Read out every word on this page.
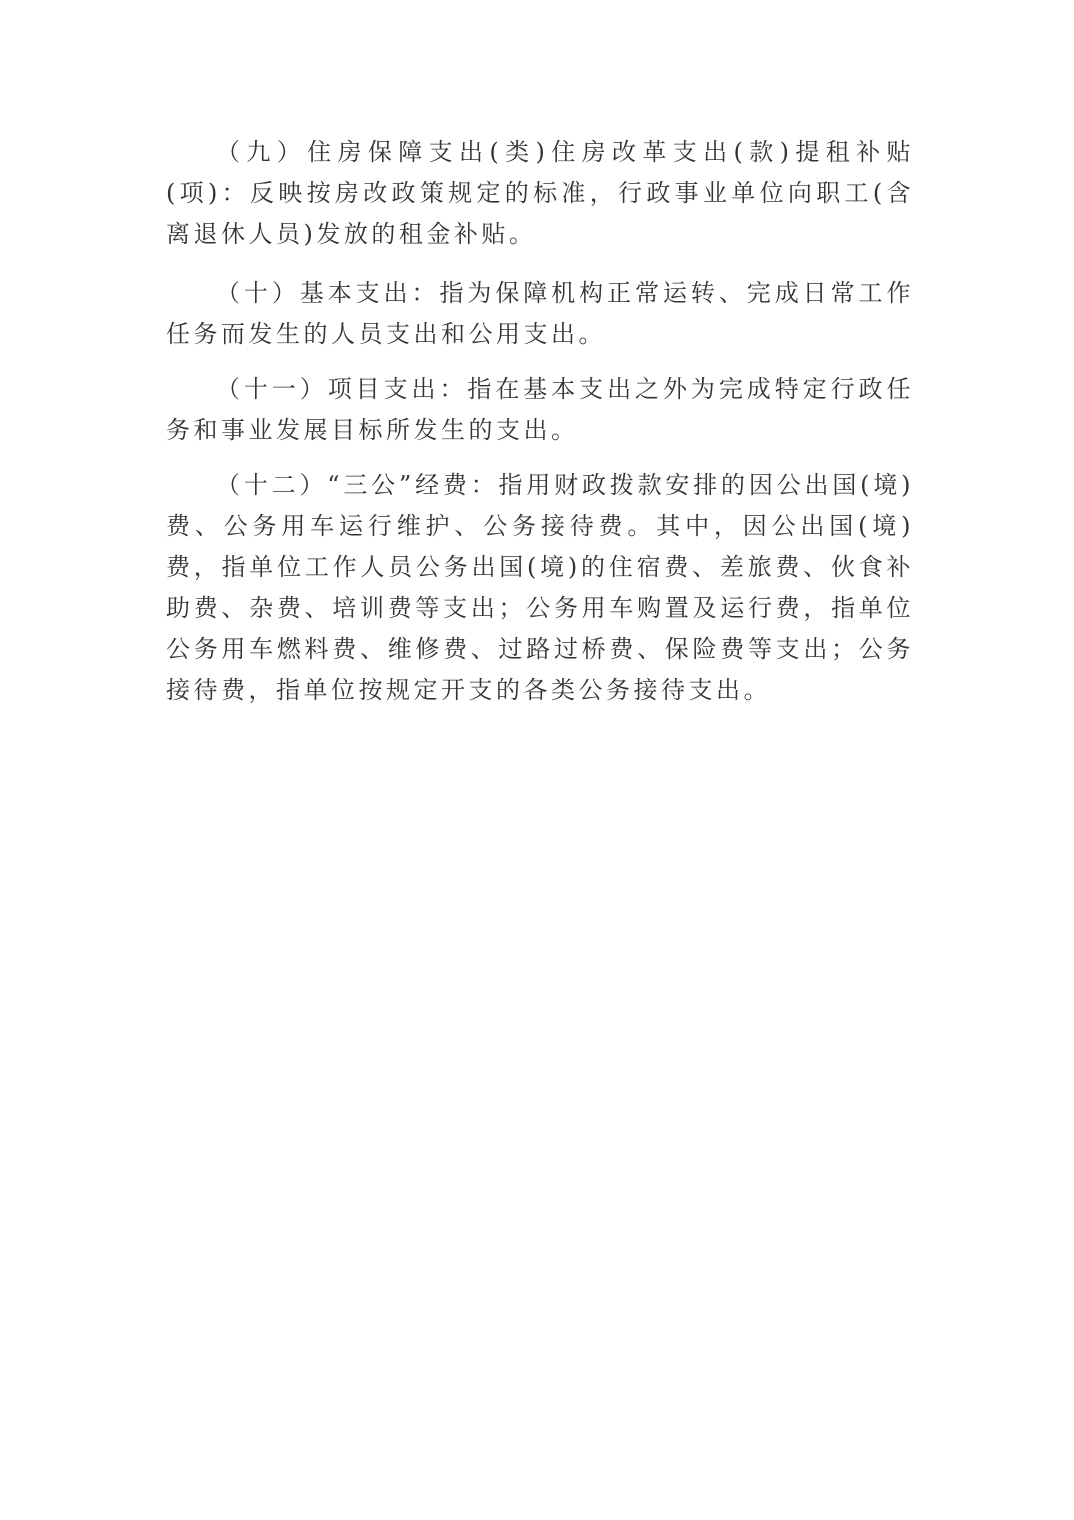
（九）住房保障支出(类)住房改革支出(款)提租补贴(项)：反映按房改政策规定的标准，行政事业单位向职工(含离退休人员)发放的租金补贴。

（十）基本支出：指为保障机构正常运转、完成日常工作任务而发生的人员支出和公用支出。

（十一）项目支出：指在基本支出之外为完成特定行政任务和事业发展目标所发生的支出。

（十二）“三公”经费：指用财政拨款安排的因公出国(境)费、公务用车运行维护、公务接待费。其中，因公出国(境)费，指单位工作人员公务出国(境)的住宿费、差旅费、伙食补助费、杂费、培训费等支出；公务用车购置及运行费，指单位公务用车燃料费、维修费、过路过桥费、保险费等支出；公务接待费，指单位按规定开支的各类公务接待支出。
